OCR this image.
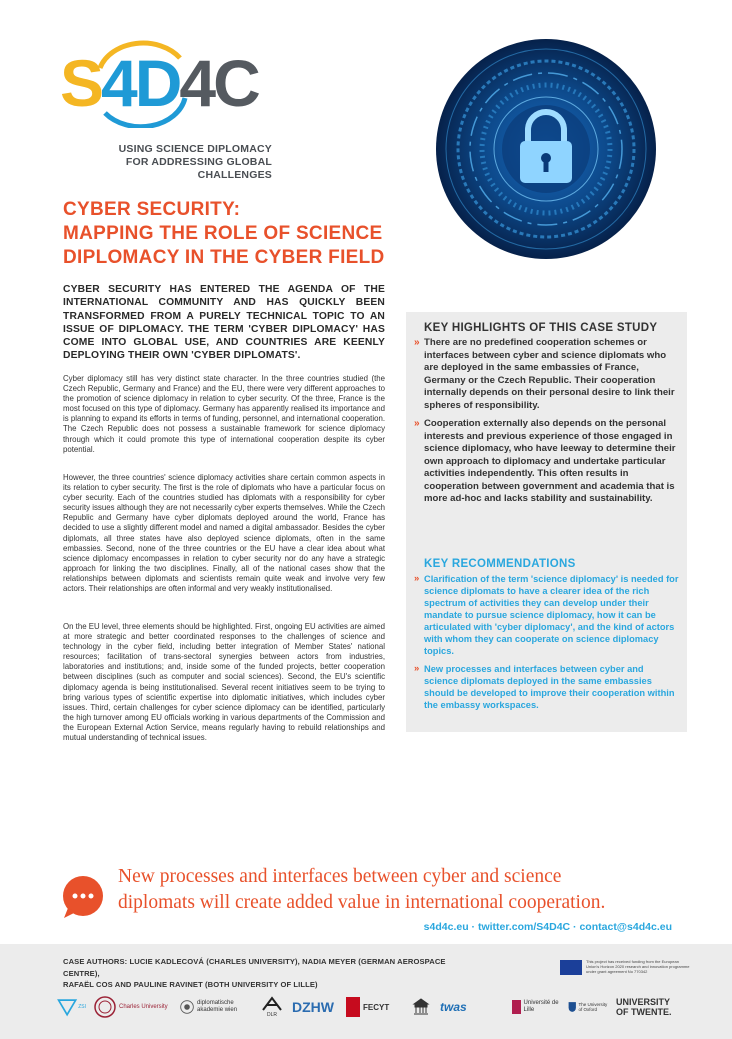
S4D4C
USING SCIENCE DIPLOMACY
FOR ADDRESSING GLOBAL CHALLENGES
CYBER SECURITY:
MAPPING THE ROLE OF SCIENCE
DIPLOMACY IN THE CYBER FIELD
CYBER SECURITY HAS ENTERED THE AGENDA OF THE INTERNATIONAL COMMUNITY AND HAS QUICKLY BEEN TRANSFORMED FROM A PURELY TECHNICAL TOPIC TO AN ISSUE OF DIPLOMACY. THE TERM 'CYBER DIPLOMACY' HAS COME INTO GLOBAL USE, AND COUNTRIES ARE KEENLY DEPLOYING THEIR OWN 'CYBER DIPLOMATS'.
Cyber diplomacy still has very distinct state character. In the three countries studied (the Czech Republic, Germany and France) and the EU, there were very different approaches to the promotion of science diplomacy in relation to cyber security. Of the three, France is the most focused on this type of diplomacy. Germany has apparently realised its importance and is planning to expand its efforts in terms of funding, personnel, and international cooperation. The Czech Republic does not possess a sustainable framework for science diplomacy through which it could promote this type of international cooperation despite its cyber potential.
However, the three countries' science diplomacy activities share certain common aspects in its relation to cyber security. The first is the role of diplomats who have a particular focus on cyber security. Each of the countries studied has diplomats with a responsibility for cyber security issues although they are not necessarily cyber experts themselves. While the Czech Republic and Germany have cyber diplomats deployed around the world, France has decided to use a slightly different model and named a digital ambassador. Besides the cyber diplomats, all three states have also deployed science diplomats, often in the same embassies. Second, none of the three countries or the EU have a clear idea about what science diplomacy encompasses in relation to cyber security nor do any have a strategic approach for linking the two disciplines. Finally, all of the national cases show that the relationships between diplomats and scientists remain quite weak and involve very few actors. Their relationships are often informal and very weakly institutionalised.
On the EU level, three elements should be highlighted. First, ongoing EU activities are aimed at more strategic and better coordinated responses to the challenges of science and technology in the cyber field, including better integration of Member States' national resources; facilitation of trans-sectoral synergies between actors from industries, laboratories and institutions; and, inside some of the funded projects, better cooperation between disciplines (such as computer and social sciences). Second, the EU's scientific diplomacy agenda is being institutionalised. Several recent initiatives seem to be trying to bring various types of scientific expertise into diplomatic initiatives, which includes cyber issues. Third, certain challenges for cyber science diplomacy can be identified, particularly the high turnover among EU officials working in various departments of the Commission and the European External Action Service, means regularly having to rebuild relationships and mutual understanding of technical issues.
KEY HIGHLIGHTS OF THIS CASE STUDY
» There are no predefined cooperation schemes or interfaces between cyber and science diplomats who are deployed in the same embassies of France, Germany or the Czech Republic. Their cooperation internally depends on their personal desire to link their spheres of responsibility.
» Cooperation externally also depends on the personal interests and previous experience of those engaged in science diplomacy, who have leeway to determine their own approach to diplomacy and undertake particular activities independently. This often results in cooperation between government and academia that is more ad-hoc and lacks stability and sustainability.
KEY RECOMMENDATIONS
» Clarification of the term 'science diplomacy' is needed for science diplomats to have a clearer idea of the rich spectrum of activities they can develop under their mandate to pursue science diplomacy, how it can be articulated with 'cyber diplomacy', and the kind of actors with whom they can cooperate on science diplomacy topics.
» New processes and interfaces between cyber and science diplomats deployed in the same embassies should be developed to improve their cooperation within the embassy workspaces.
New processes and interfaces between cyber and science
diplomats will create added value in international cooperation.
s4d4c.eu · twitter.com/S4D4C · contact@s4d4c.eu
CASE AUTHORS: LUCIE KADLECOVÁ (CHARLES UNIVERSITY), NADIA MEYER (GERMAN AEROSPACE CENTRE),
RAFAËL COS AND PAULINE RAVINET (BOTH UNIVERSITY OF LILLE)
This project has received funding from the European Union's Horizon 2020 research and innovation programme under grant agreement No 770342
ZSI	Charles University
diplomatische akademie wien
DLR DZHW	FECYT	twas	Université de Lille
The University of Oxford
UNIVERSITY OF TWENTE.
